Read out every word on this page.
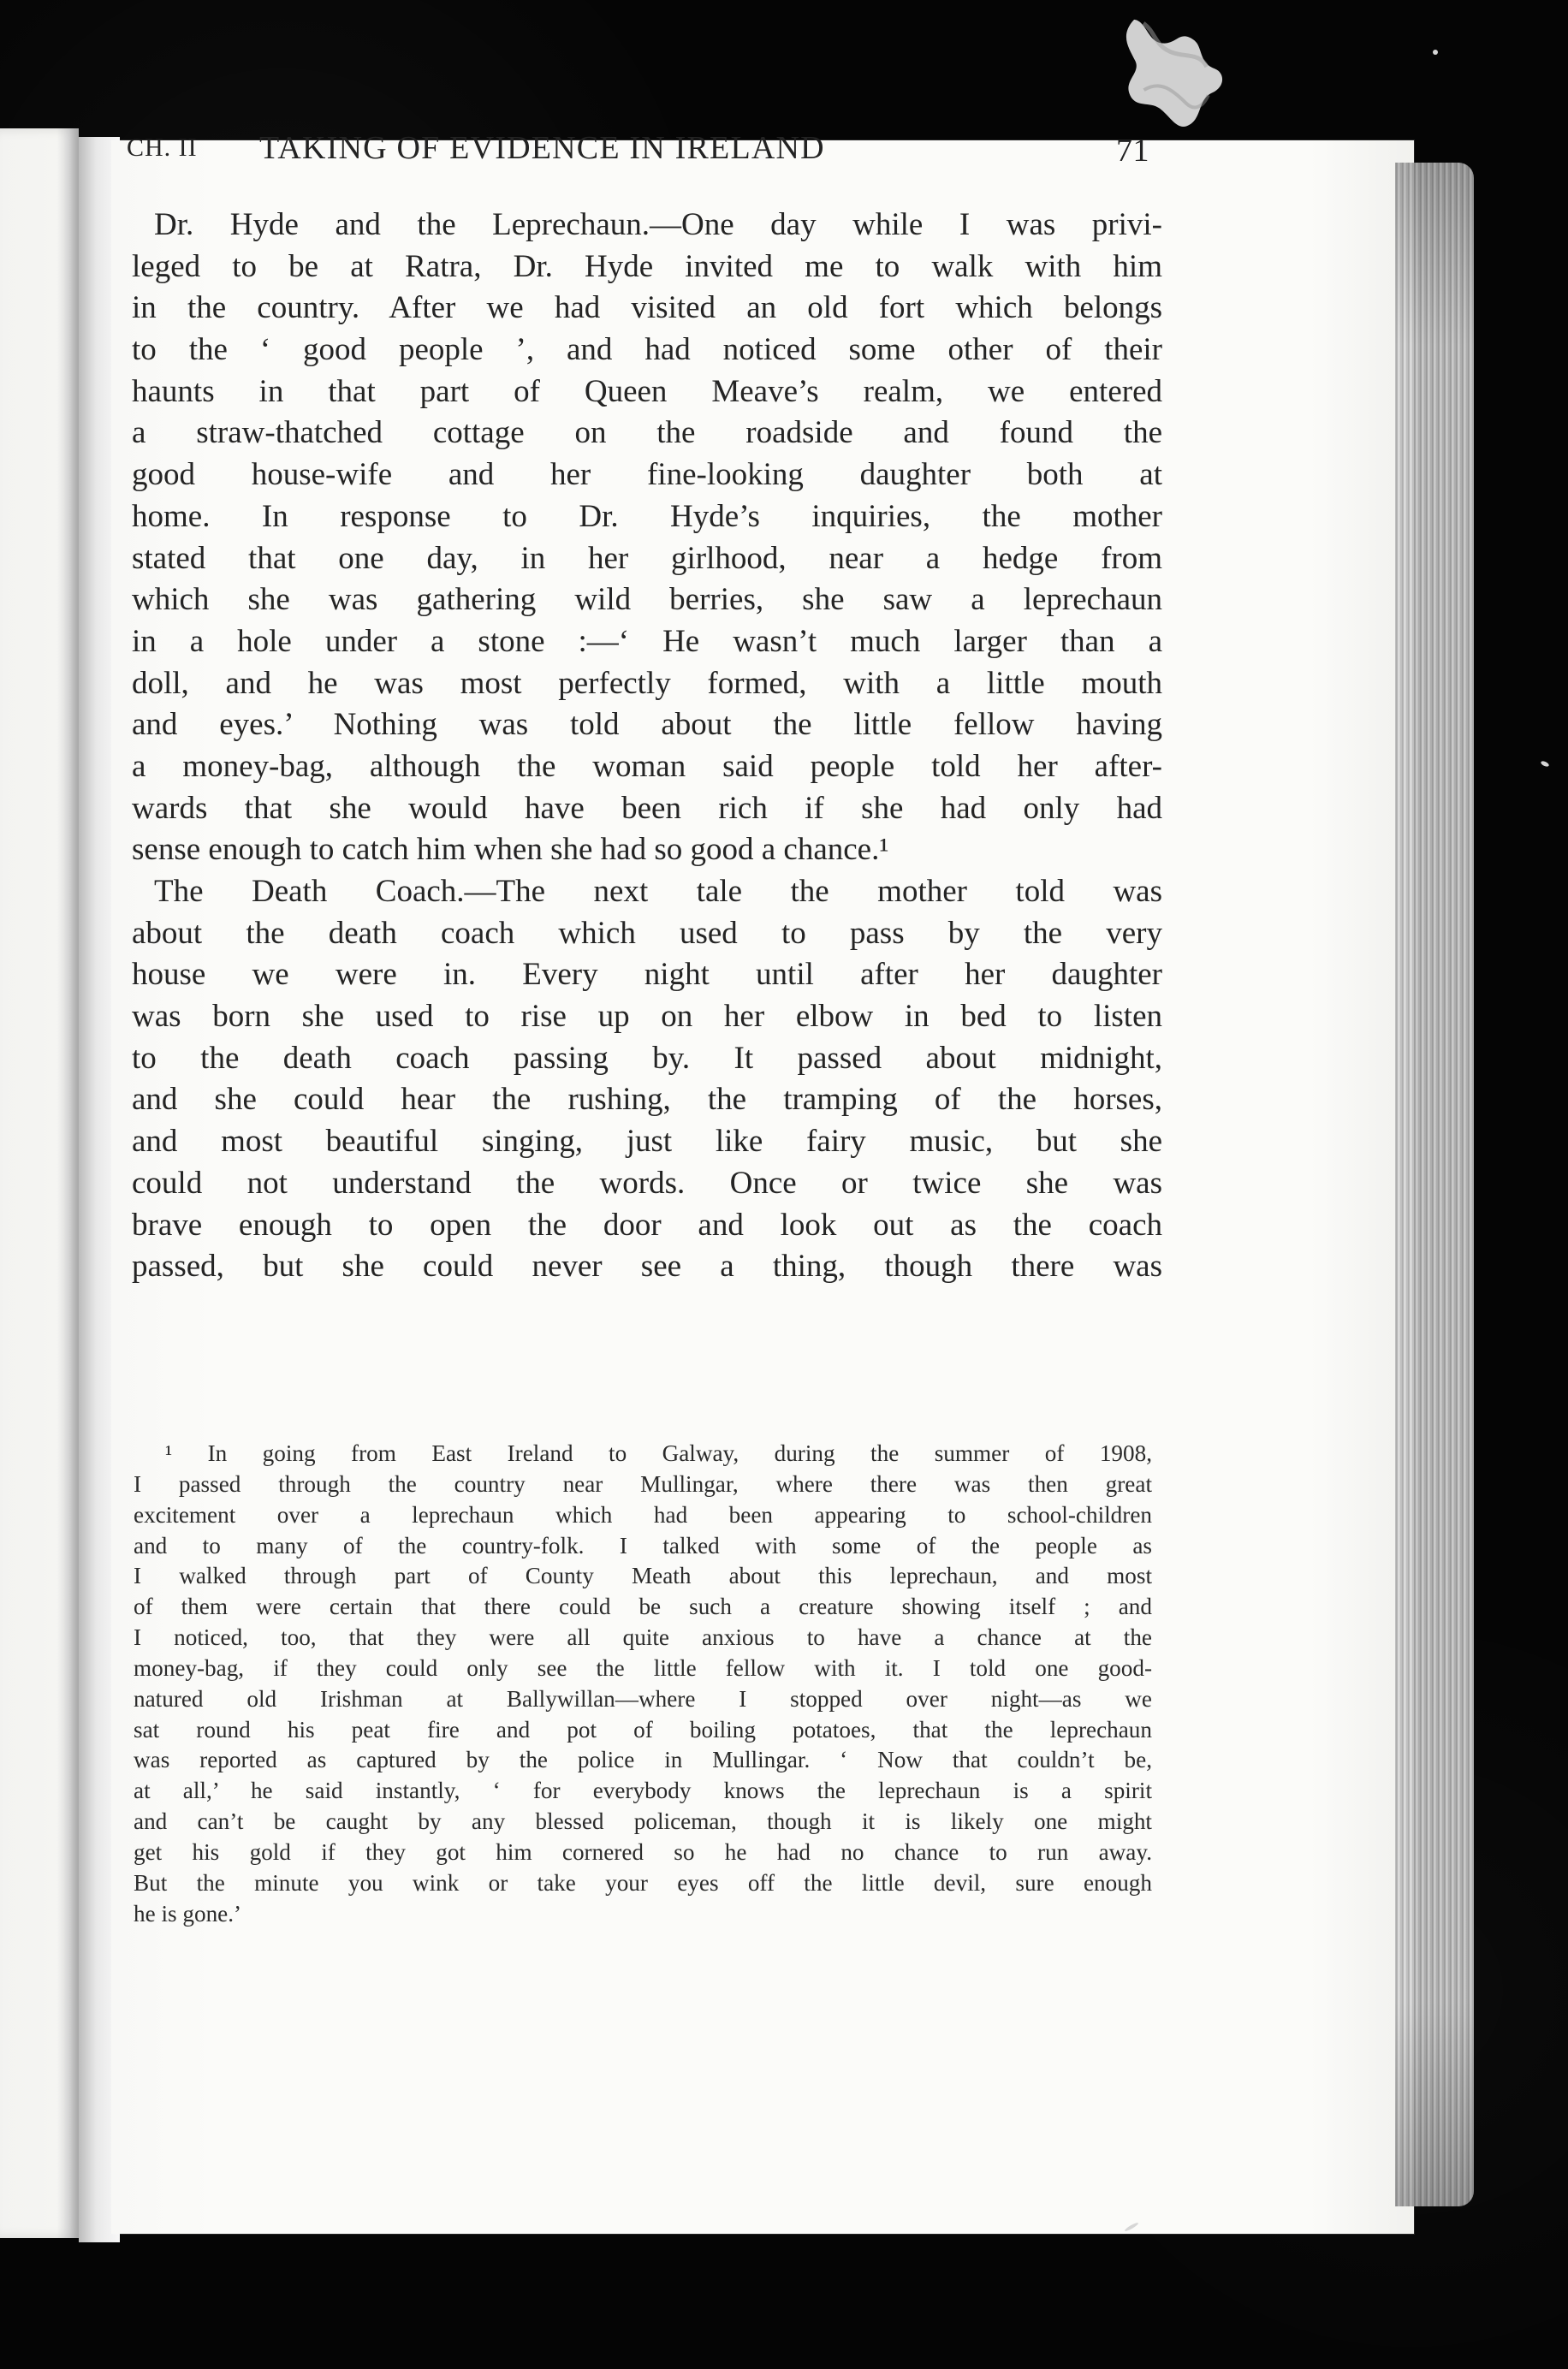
CH. II TAKING OF EVIDENCE IN IRELAND	71
Dr. Hyde and the Leprechaun.—One day while I was privi-
leged to be at Ratra, Dr. Hyde invited me to walk with him
in the country. After we had visited an old fort which belongs
to the ‘ good people ’, and had noticed some other of their
haunts in that part of Queen Meave’s realm, we entered
a straw-thatched cottage on the roadside and found the
good house-wife and her fine-looking daughter both at
home. In response to Dr. Hyde’s inquiries, the mother
stated that one day, in her girlhood, near a hedge from
which she was gathering wild berries, she saw a leprechaun
in a hole under a stone :—‘ He wasn’t much larger than a
doll, and he was most perfectly formed, with a little mouth
and eyes.’ Nothing was told about the little fellow having
a money-bag, although the woman said people told her after-
wards that she would have been rich if she had only had
sense enough to catch him when she had so good a chance.¹
The Death Coach.—The next tale the mother told was
about the death coach which used to pass by the very
house we were in. Every night until after her daughter
was born she used to rise up on her elbow in bed to listen
to the death coach passing by. It passed about midnight,
and she could hear the rushing, the tramping of the horses,
and most beautiful singing, just like fairy music, but she
could not understand the words. Once or twice she was
brave enough to open the door and look out as the coach
passed, but she could never see a thing, though there was
¹ In going from East Ireland to Galway, during the summer of 1908,
I passed through the country near Mullingar, where there was then great
excitement over a leprechaun which had been appearing to school-children
and to many of the country-folk. I talked with some of the people as
I walked through part of County Meath about this leprechaun, and most
of them were certain that there could be such a creature showing itself ; and
I noticed, too, that they were all quite anxious to have a chance at the
money-bag, if they could only see the little fellow with it. I told one good-
natured old Irishman at Ballywillan—where I stopped over night—as we
sat round his peat fire and pot of boiling potatoes, that the leprechaun
was reported as captured by the police in Mullingar. ‘ Now that couldn’t be,
at all,’ he said instantly, ‘ for everybody knows the leprechaun is a spirit
and can’t be caught by any blessed policeman, though it is likely one might
get his gold if they got him cornered so he had no chance to run away.
But the minute you wink or take your eyes off the little devil, sure enough
he is gone.’
